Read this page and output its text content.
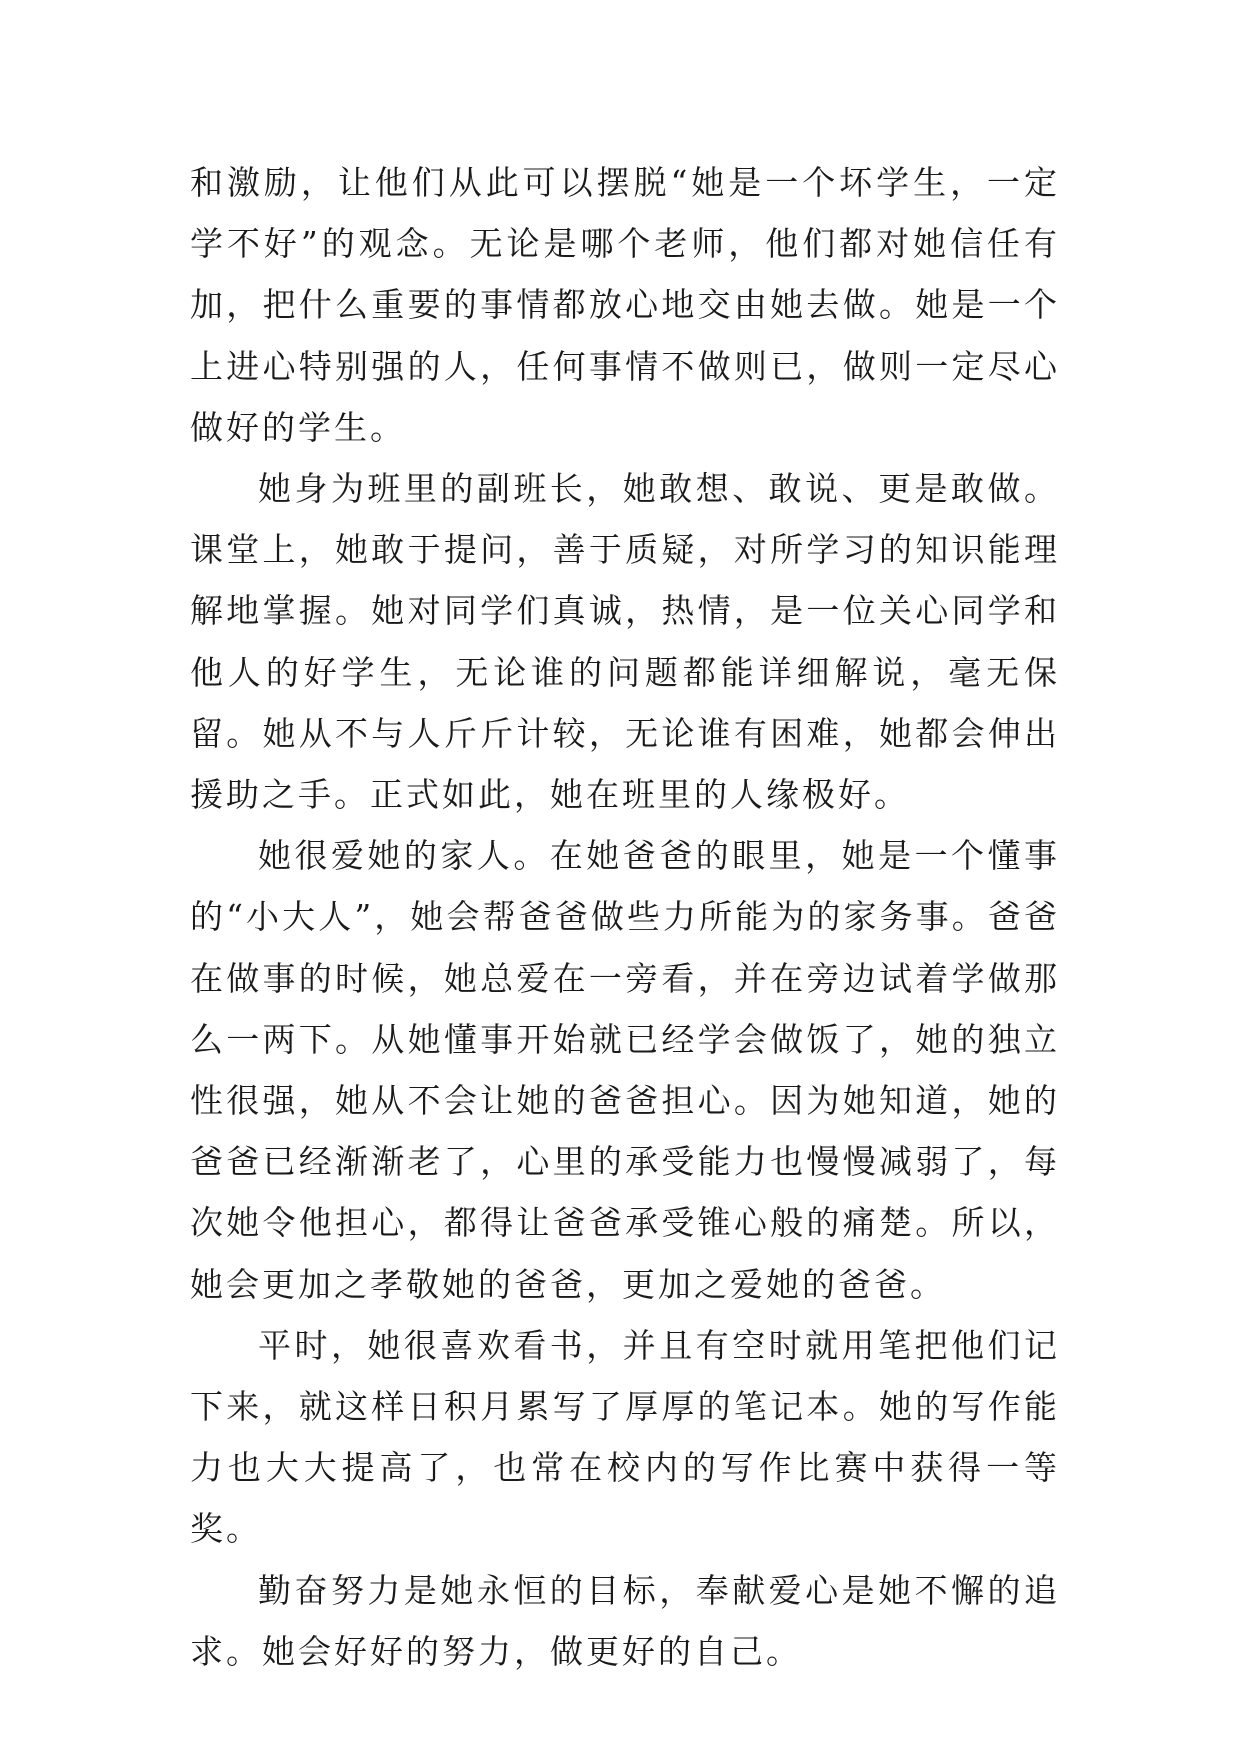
和激励，让他们从此可以摆脱“她是一个坏学生，一定学不好”的观念。无论是哪个老师，他们都对她信任有加，把什么重要的事情都放心地交由她去做。她是一个上进心特别强的人，任何事情不做则已，做则一定尽心做好的学生。

她身为班里的副班长，她敢想、敢说、更是敢做。课堂上，她敢于提问，善于质疑，对所学习的知识能理解地掌握。她对同学们真诚，热情，是一位关心同学和他人的好学生，无论谁的问题都能详细解说，毫无保留。她从不与人斤斤计较，无论谁有困难，她都会伸出援助之手。正式如此，她在班里的人缘极好。

她很爱她的家人。在她爸爸的眼里，她是一个懂事的“小大人”，她会帮爸爸做些力所能为的家务事。爸爸在做事的时候，她总爱在一旁看，并在旁边试着学做那么一两下。从她懂事开始就已经学会做饭了，她的独立性很强，她从不会让她的爸爸担心。因为她知道，她的爸爸已经渐渐老了，心里的承受能力也慢慢减弱了，每次她令他担心，都得让爸爸承受锥心般的痛楚。所以，她会更加之孝敬她的爸爸，更加之爱她的爸爸。

平时，她很喜欢看书，并且有空时就用笔把他们记下来，就这样日积月累写了厚厚的笔记本。她的写作能力也大大提高了，也常在校内的写作比赛中获得一等奖。

勤奋努力是她永恒的目标，奉献爱心是她不懈的追求。她会好好的努力，做更好的自己。
